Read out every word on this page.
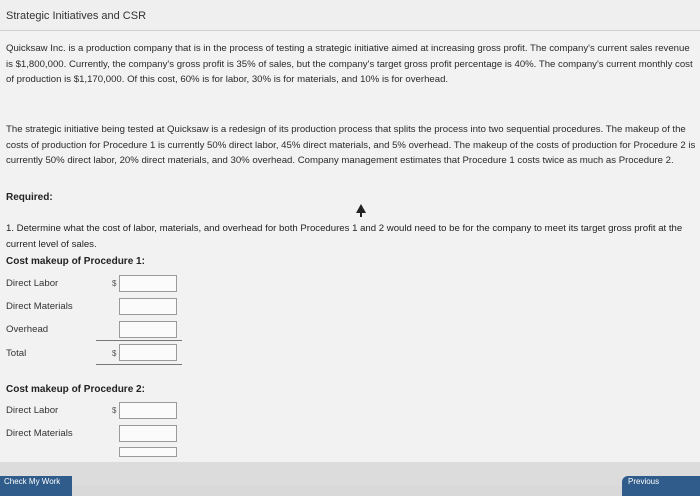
Strategic Initiatives and CSR
Quicksaw Inc. is a production company that is in the process of testing a strategic initiative aimed at increasing gross profit. The company's current sales revenue is $1,800,000. Currently, the company's gross profit is 35% of sales, but the company's target gross profit percentage is 40%. The company's current monthly cost of production is $1,170,000. Of this cost, 60% is for labor, 30% is for materials, and 10% is for overhead.
The strategic initiative being tested at Quicksaw is a redesign of its production process that splits the process into two sequential procedures. The makeup of the costs of production for Procedure 1 is currently 50% direct labor, 45% direct materials, and 5% overhead. The makeup of the costs of production for Procedure 2 is currently 50% direct labor, 20% direct materials, and 30% overhead. Company management estimates that Procedure 1 costs twice as much as Procedure 2.
Required:
1. Determine what the cost of labor, materials, and overhead for both Procedures 1 and 2 would need to be for the company to meet its target gross profit at the current level of sales.
Cost makeup of Procedure 1:
Direct Labor	$
Direct Materials
Overhead
Total	$
Cost makeup of Procedure 2:
Direct Labor	$
Direct Materials
Check My Work	Previous
